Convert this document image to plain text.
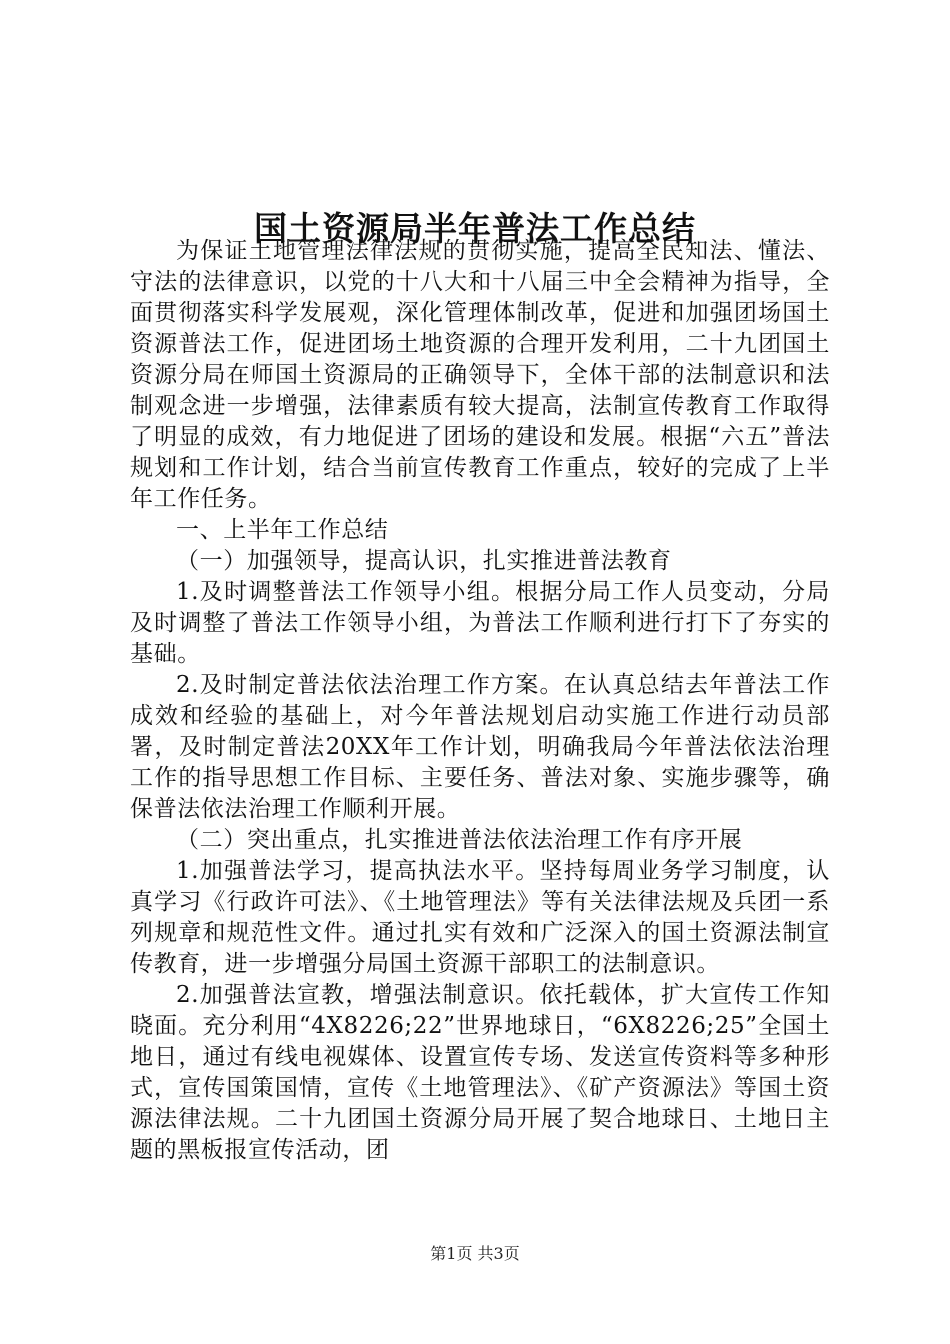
国土资源局半年普法工作总结

为保证土地管理法律法规的贯彻实施，提高全民知法、懂法、守法的法律意识，以党的十八大和十八届三中全会精神为指导，全面贯彻落实科学发展观，深化管理体制改革，促进和加强团场国土资源普法工作，促进团场土地资源的合理开发利用，二十九团国土资源分局在师国土资源局的正确领导下，全体干部的法制意识和法制观念进一步增强，法律素质有较大提高，法制宣传教育工作取得了明显的成效，有力地促进了团场的建设和发展。根据“六五”普法规划和工作计划，结合当前宣传教育工作重点，较好的完成了上半年工作任务。

一、上半年工作总结

（一）加强领导，提高认识，扎实推进普法教育

1.及时调整普法工作领导小组。根据分局工作人员变动，分局及时调整了普法工作领导小组，为普法工作顺利进行打下了夯实的基础。

2.及时制定普法依法治理工作方案。在认真总结去年普法工作成效和经验的基础上，对今年普法规划启动实施工作进行动员部署，及时制定普法20XX年工作计划，明确我局今年普法依法治理工作的指导思想工作目标、主要任务、普法对象、实施步骤等，确保普法依法治理工作顺利开展。

（二）突出重点，扎实推进普法依法治理工作有序开展

1.加强普法学习，提高执法水平。坚持每周业务学习制度，认真学习《行政许可法》、《土地管理法》等有关法律法规及兵团一系列规章和规范性文件。通过扎实有效和广泛深入的国土资源法制宣传教育，进一步增强分局国土资源干部职工的法制意识。

2.加强普法宣教，增强法制意识。依托载体，扩大宣传工作知晓面。充分利用“4X8226;22”世界地球日，“6X8226;25”全国土地日，通过有线电视媒体、设置宣传专场、发送宣传资料等多种形式，宣传国策国情，宣传《土地管理法》、《矿产资源法》等国土资源法律法规。二十九团国土资源分局开展了契合地球日、土地日主题的黑板报宣传活动，团

第1页 共3页
